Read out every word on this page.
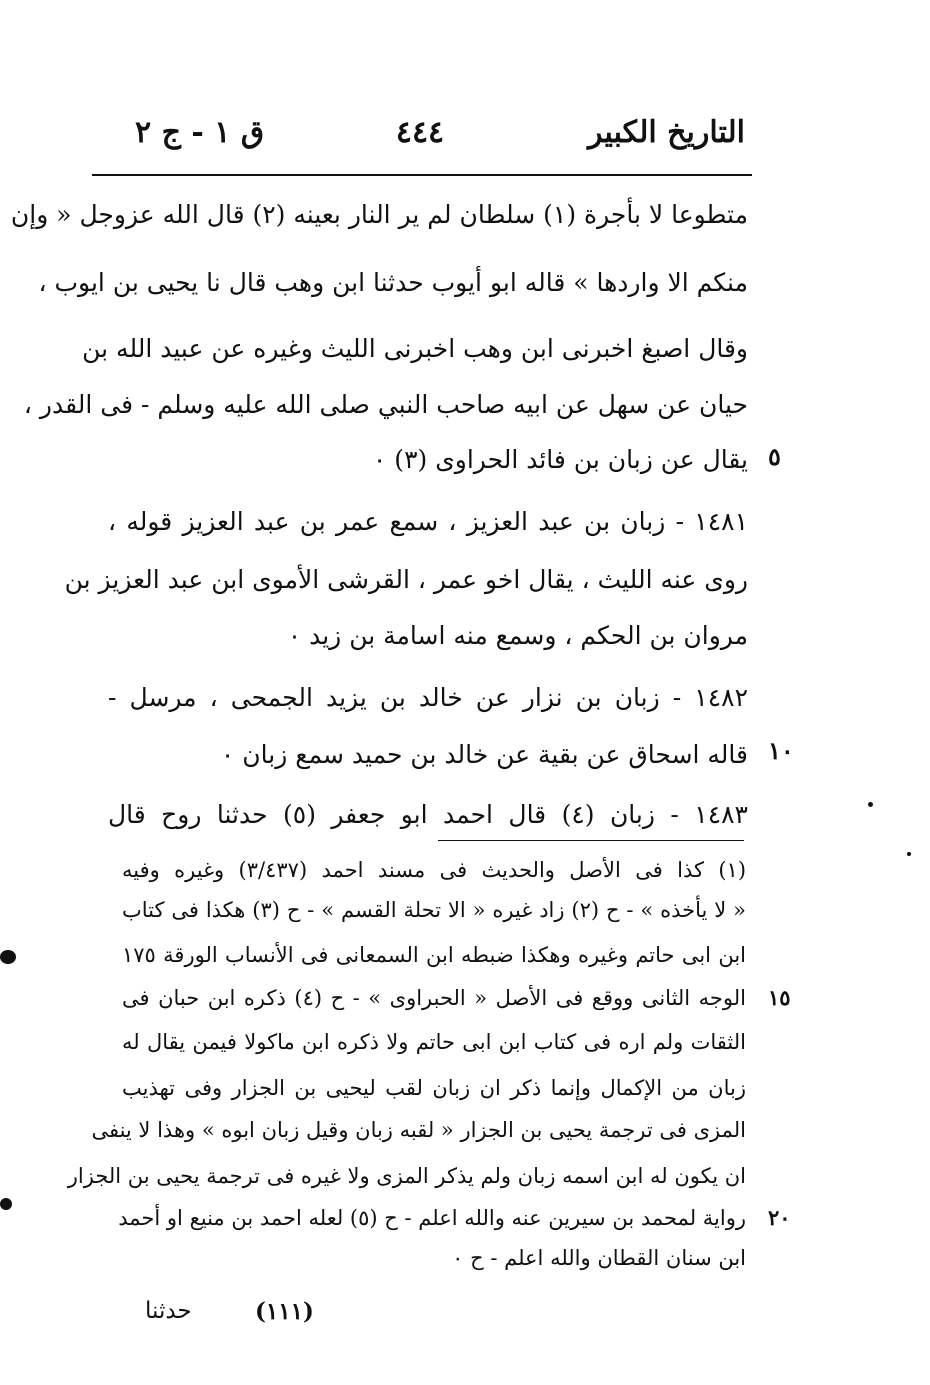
التاريخ الكبير
٤٤٤
ق ١ - ج ٢
متطوعا لا بأجرة (١) سلطان لم ير النار بعينه (٢) قال الله عزوجل « وإن
منكم الا واردها » قاله ابو أيوب حدثنا ابن وهب قال نا يحيى بن ايوب ،
وقال اصبغ اخبرنى ابن وهب اخبرنى الليث وغيره عن عبيد الله بن
حيان عن سهل عن ابيه صاحب النبي صلى الله عليه وسلم - فى القدر ،
يقال عن زبان بن فائد الحراوى (٣) ٠
١٤٨١ - زبان بن عبد العزيز ، سمع عمر بن عبد العزيز قوله ،
روى عنه الليث ، يقال اخو عمر ، القرشى الأموى ابن عبد العزيز بن
مروان بن الحكم ، وسمع منه اسامة بن زيد ٠
١٤٨٢ - زبان بن نزار عن خالد بن يزيد الجمحى ، مرسل -
قاله اسحاق عن بقية عن خالد بن حميد سمع زبان ٠
١٤٨٣ - زبان (٤) قال احمد ابو جعفر (٥) حدثنا روح قال
٥
١٠
(١) كذا فى الأصل والحديث فى مسند احمد (٣/٤٣٧) وغيره وفيه
« لا يأخذه » - ح (٢) زاد غيره « الا تحلة القسم » - ح (٣) هكذا فى كتاب
ابن ابى حاتم وغيره وهكذا ضبطه ابن السمعانى فى الأنساب الورقة ١٧٥
الوجه الثانى ووقع فى الأصل « الحبراوى » - ح (٤) ذكره ابن حبان فى
الثقات ولم اره فى كتاب ابن ابى حاتم ولا ذكره ابن ماكولا فيمن يقال له
زبان من الإكمال وإنما ذكر ان زبان لقب ليحيى بن الجزار وفى تهذيب
المزى فى ترجمة يحيى بن الجزار « لقبه زبان وقيل زبان ابوه » وهذا لا ينفى
ان يكون له ابن اسمه زبان ولم يذكر المزى ولا غيره فى ترجمة يحيى بن الجزار
رواية لمحمد بن سيرين عنه والله اعلم - ح (٥) لعله احمد بن منيع او أحمد
ابن سنان القطان والله اعلم - ح ٠
١٥
٢٠
(١١١)
حدثنا
